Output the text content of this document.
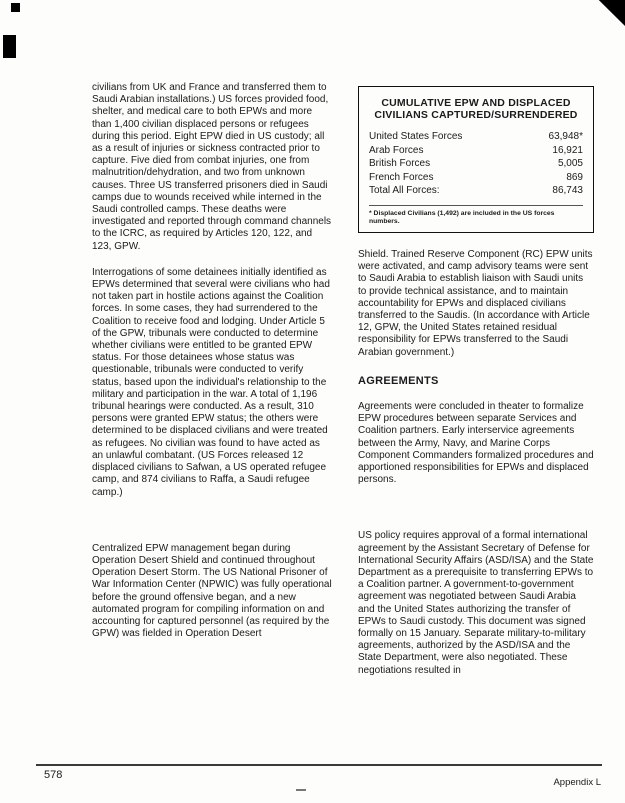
civilians from UK and France and transferred them to Saudi Arabian installations.) US forces provided food, shelter, and medical care to both EPWs and more than 1,400 civilian displaced persons or refugees during this period. Eight EPW died in US custody; all as a result of injuries or sickness contracted prior to capture. Five died from combat injuries, one from malnutrition/dehydration, and two from unknown causes. Three US transferred prisoners died in Saudi camps due to wounds received while interned in the Saudi controlled camps. These deaths were investigated and reported through command channels to the ICRC, as required by Articles 120, 122, and 123, GPW.

Interrogations of some detainees initially identified as EPWs determined that several were civilians who had not taken part in hostile actions against the Coalition forces. In some cases, they had surrendered to the Coalition to receive food and lodging. Under Article 5 of the GPW, tribunals were conducted to determine whether civilians were entitled to be granted EPW status. For those detainees whose status was questionable, tribunals were conducted to verify status, based upon the individual's relationship to the military and participation in the war. A total of 1,196 tribunal hearings were conducted. As a result, 310 persons were granted EPW status; the others were determined to be displaced civilians and were treated as refugees. No civilian was found to have acted as an unlawful combatant. (US Forces released 12 displaced civilians to Safwan, a US operated refugee camp, and 874 civilians to Raffa, a Saudi refugee camp.)

Centralized EPW management began during Operation Desert Shield and continued throughout Operation Desert Storm. The US National Prisoner of War Information Center (NPWIC) was fully operational before the ground offensive began, and a new automated program for compiling information on and accounting for captured personnel (as required by the GPW) was fielded in Operation Desert

CUMULATIVE EPW AND DISPLACED
CIVILIANS CAPTURED/SURRENDERED
United States Forces	63,948*
Arab Forces	16,921
British Forces	5,005
French Forces	869
Total All Forces:	86,743
* Displaced Civilians (1,492) are included in the US forces numbers.

Shield. Trained Reserve Component (RC) EPW units were activated, and camp advisory teams were sent to Saudi Arabia to establish liaison with Saudi units to provide technical assistance, and to maintain accountability for EPWs and displaced civilians transferred to the Saudis. (In accordance with Article 12, GPW, the United States retained residual responsibility for EPWs transferred to the Saudi Arabian government.)

AGREEMENTS

Agreements were concluded in theater to formalize EPW procedures between separate Services and Coalition partners. Early interservice agreements between the Army, Navy, and Marine Corps Component Commanders formalized procedures and apportioned responsibilities for EPWs and displaced persons.

US policy requires approval of a formal international agreement by the Assistant Secretary of Defense for International Security Affairs (ASD/ISA) and the State Department as a prerequisite to transferring EPWs to a Coalition partner. A government-to-government agreement was negotiated between Saudi Arabia and the United States authorizing the transfer of EPWs to Saudi custody. This document was signed formally on 15 January. Separate military-to-military agreements, authorized by the ASD/ISA and the State Department, were also negotiated. These negotiations resulted in

578
Appendix L
